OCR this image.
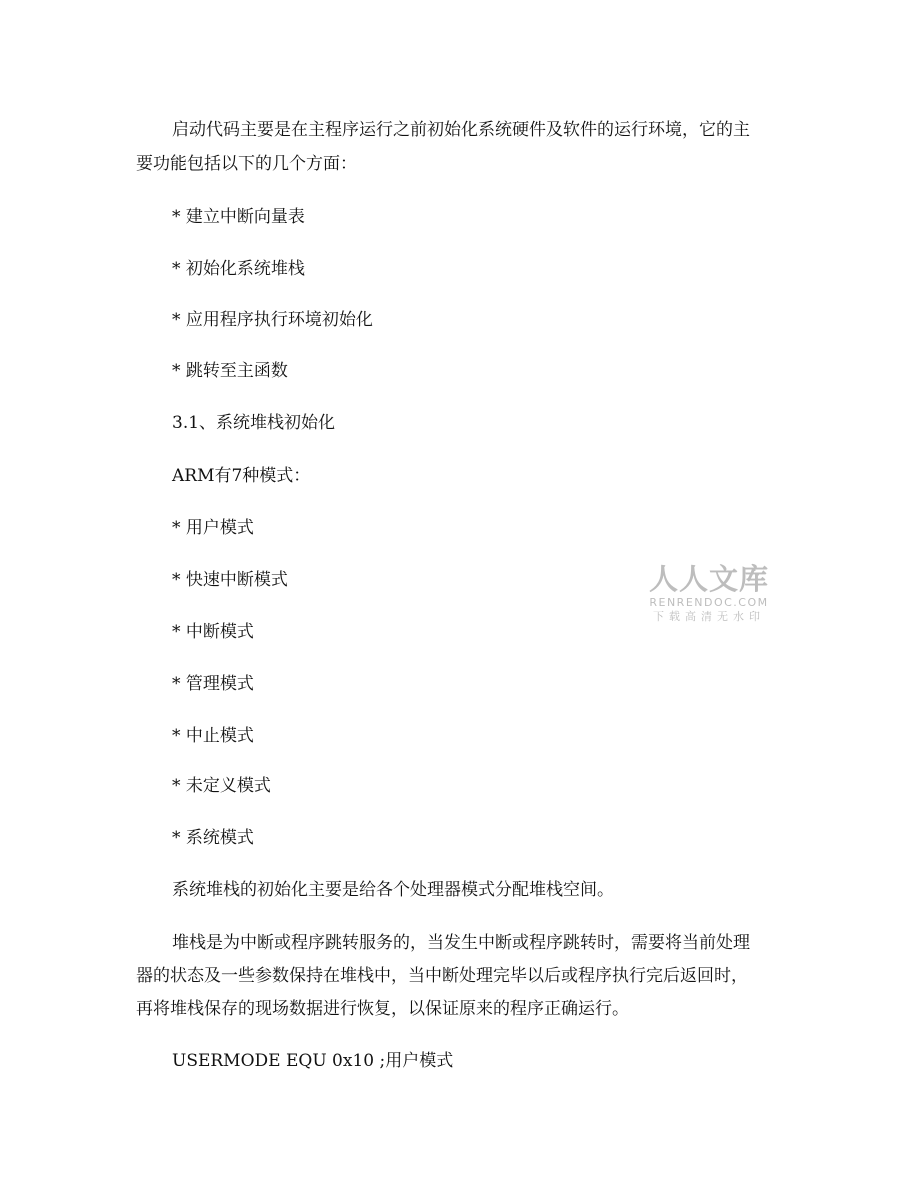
启动代码主要是在主程序运行之前初始化系统硬件及软件的运行环境，它的主

要功能包括以下的几个方面：

* 建立中断向量表

* 初始化系统堆栈

* 应用程序执行环境初始化

* 跳转至主函数

3.1、系统堆栈初始化

ARM有7种模式：

* 用户模式

* 快速中断模式

* 中断模式

* 管理模式

* 中止模式

* 未定义模式

* 系统模式

系统堆栈的初始化主要是给各个处理器模式分配堆栈空间。

堆栈是为中断或程序跳转服务的，当发生中断或程序跳转时，需要将当前处理

器的状态及一些参数保持在堆栈中，当中断处理完毕以后或程序执行完后返回时，

再将堆栈保存的现场数据进行恢复，以保证原来的程序正确运行。

USERMODE EQU 0x10 ;用户模式

人人文库
RENRENDOC.COM
下载高清无水印
